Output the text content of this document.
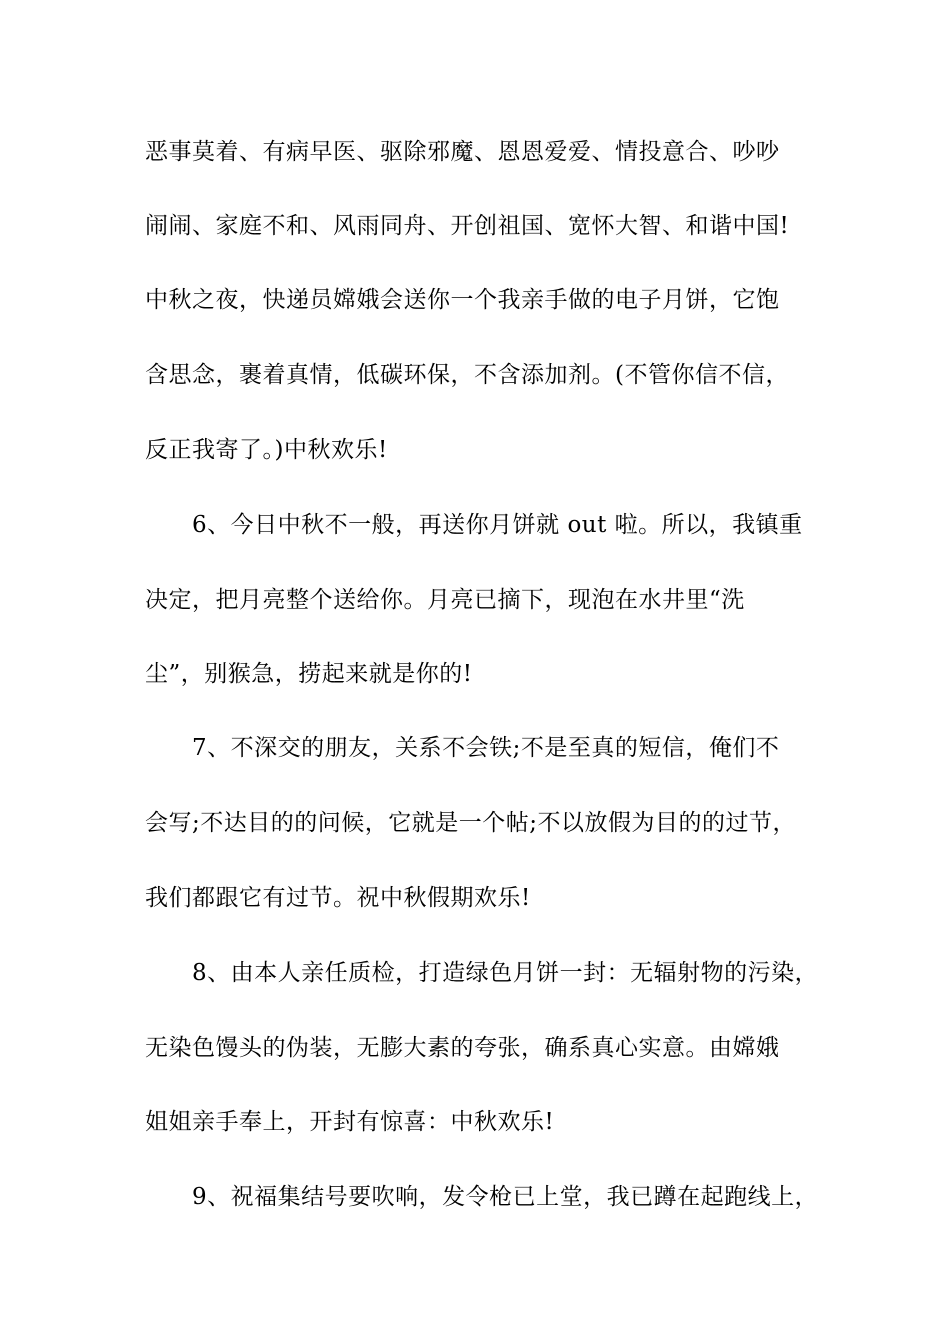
恶事莫着、有病早医、驱除邪魔、恩恩爱爱、情投意合、吵吵
闹闹、家庭不和、风雨同舟、开创祖国、宽怀大智、和谐中国!
中秋之夜，快递员嫦娥会送你一个我亲手做的电子月饼，它饱
含思念，裹着真情，低碳环保，不含添加剂。(不管你信不信，
反正我寄了。)中秋欢乐!
6、今日中秋不一般，再送你月饼就 out 啦。所以，我镇重
决定，把月亮整个送给你。月亮已摘下，现泡在水井里“洗
尘”，别猴急，捞起来就是你的!
7、不深交的朋友，关系不会铁;不是至真的短信，俺们不
会写;不达目的的问候，它就是一个帖;不以放假为目的的过节，
我们都跟它有过节。祝中秋假期欢乐!
8、由本人亲任质检，打造绿色月饼一封：无辐射物的污染，
无染色馒头的伪装，无膨大素的夸张，确系真心实意。由嫦娥
姐姐亲手奉上，开封有惊喜：中秋欢乐!
9、祝福集结号要吹响，发令枪已上堂，我已蹲在起跑线上，
